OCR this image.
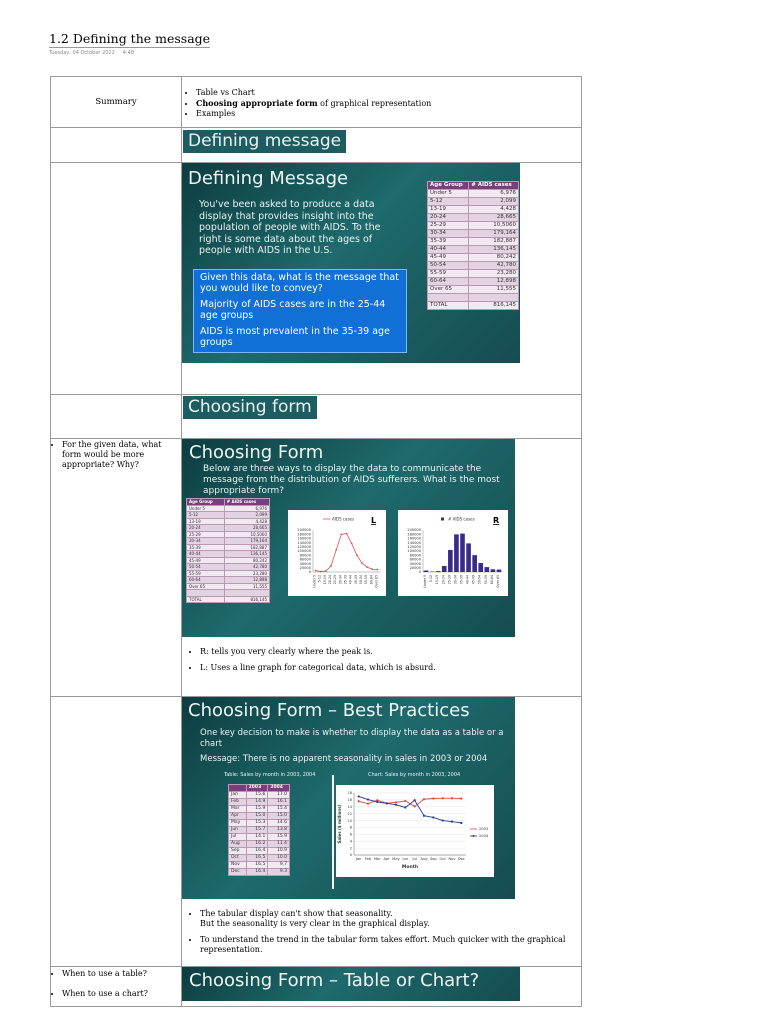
1.2 Defining the message
Tuesday, 04 October 2022 4:48
Summary

• Table vs Chart
• Choosing appropriate form of graphical representation
• Examples

	Defining message

Defining Message
You've been asked to produce a data display that provides insight into the population of people with AIDS. To the right is some data about the ages of people with AIDS in the U.S.

Given this data, what is the message that you would like to convey?

Majority of AIDS cases are in the 25-44 age groups

AIDS is most prevalent in the 35-39 age groups

Age Group	# AIDS cases
Under 5	6,976
5-12	2,099
13-19	4,428
20-24	28,665
25-29	10,5060
30-34	179,164
35-39	182,887
40-44	136,145
45-49	80,242
50-54	42,780
55-59	23,280
60-64	12,898
Over 65	11,555

TOTAL	816,145

	Choosing form

• For the given data, what form would be more appropriate? Why?

Choosing Form
Below are three ways to display the data to communicate the message from the distribution of AIDS sufferers. What is the most appropriate form?
Age Group	# AIDS cases
Under 5	6,976
5-12	2,099
13-19	4,428
20-24	28,665
25-29	10,5060
30-34	179,164
35-39	182,887
40-44	136,145
45-49	80,242
50-54	42,780
55-59	23,280
60-64	12,898
Over 65	11,555

TOTAL	816,145
200000
180000
160000
140000
120000
100000
80000
60000
40000
20000
0
Under 5 5-12 13-19 20-24 25-29 30-34 35-39 40-44 45-49 50-54 55-59 60-64 Over 65
AIDS cases L
200000
180000
160000
140000
120000
100000
80000
60000
40000
20000
0
Under 5 5-12 13-19 20-24 25-29 30-34 35-39 40-44 45-49 50-54 55-59 60-64 Over 65
# AIDS cases R
• R: tells you very clearly where the peak is.
• L: Uses a line graph for categorical data, which is absurd.

Choosing Form – Best Practices
One key decision to make is whether to display the data as a table or a chart
Message: There is no apparent seasonality in sales in 2003 or 2004
Table: Sales by month in 2003, 2004	Chart: Sales by month in 2003, 2004
	2003	2004
Jan	15.6	17.0
Feb	14.9	16.1
Mar	15.9	15.4
Apr	15.0	15.0
May	15.3	14.6
Jun	15.7	13.8
Jul	14.1	15.9
Aug	16.2	11.4
Sep	16.4	10.9
Oct	16.5	10.0
Nov	16.5	9.7
Dec	16.4	9.3
0
2
4
6
8
10
12
14
16
18
Jan Feb Mar Apr May Jun Jul Aug Sep Oct Nov Dec
Month
Sales ($ millions)	2003
2004
• The tabular display can't show that seasonality.
But the seasonality is very clear in the graphical display.
• To understand the trend in the tabular form takes effort. Much quicker with the graphical representation.

• When to use a table?
• When to use a chart?

Choosing Form – Table or Chart?
